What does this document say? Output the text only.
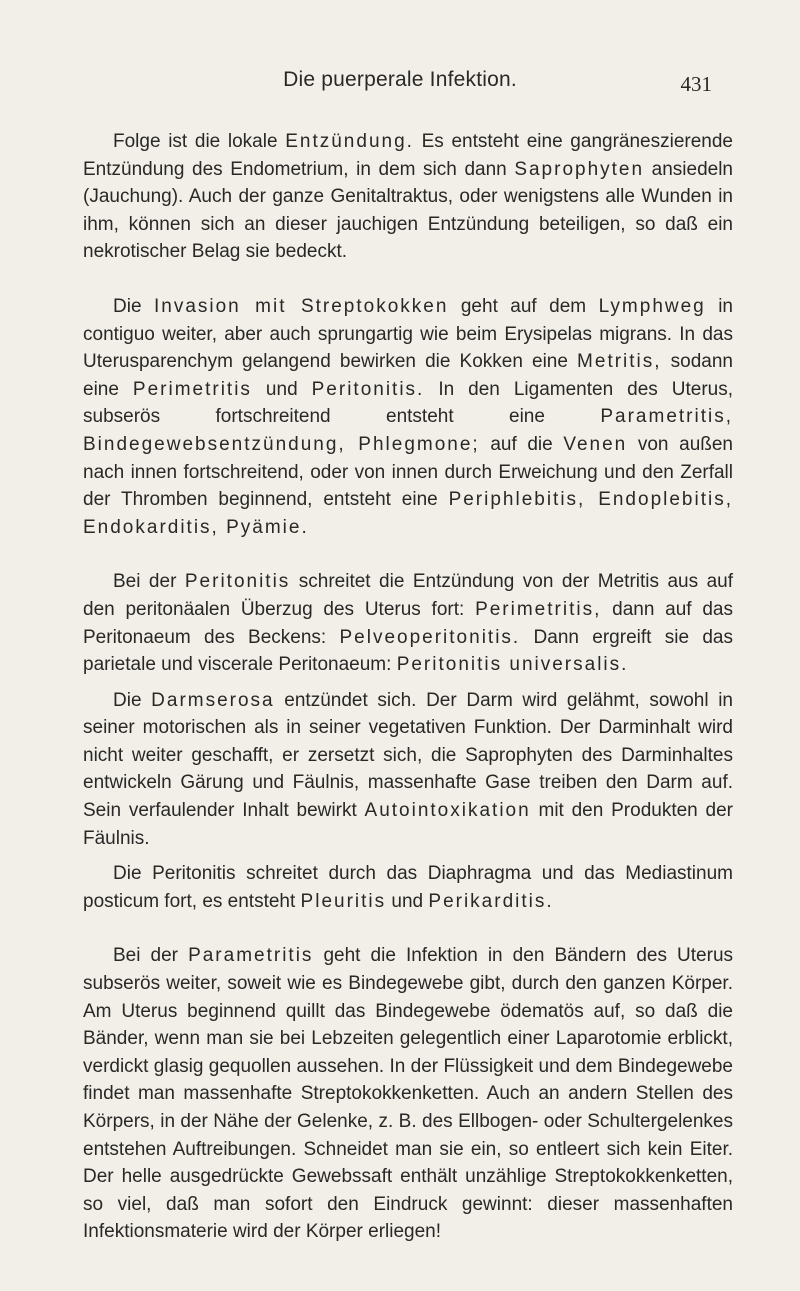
Die puerperale Infektion.	431

Folge ist die lokale Entzündung. Es entsteht eine gangräneszierende Entzündung des Endometrium, in dem sich dann Saprophyten ansiedeln (Jauchung). Auch der ganze Genitaltraktus, oder wenigstens alle Wunden in ihm, können sich an dieser jauchigen Entzündung beteiligen, so daß ein nekrotischer Belag sie bedeckt.

Die Invasion mit Streptokokken geht auf dem Lymphweg in contiguo weiter, aber auch sprungartig wie beim Erysipelas migrans. In das Uterusparenchym gelangend bewirken die Kokken eine Metritis, sodann eine Perimetritis und Peritonitis. In den Ligamenten des Uterus, subserös fortschreitend entsteht eine Parametritis, Bindegewebsentzündung, Phlegmone; auf die Venen von außen nach innen fortschreitend, oder von innen durch Erweichung und den Zerfall der Thromben beginnend, entsteht eine Periphlebitis, Endoplebitis, Endokarditis, Pyämie.

Bei der Peritonitis schreitet die Entzündung von der Metritis aus auf den peritonäalen Überzug des Uterus fort: Perimetritis, dann auf das Peritonaeum des Beckens: Pelveoperitonitis. Dann ergreift sie das parietale und viscerale Peritonaeum: Peritonitis universalis.

Die Darmserosa entzündet sich. Der Darm wird gelähmt, sowohl in seiner motorischen als in seiner vegetativen Funktion. Der Darminhalt wird nicht weiter geschafft, er zersetzt sich, die Saprophyten des Darminhaltes entwickeln Gärung und Fäulnis, massenhafte Gase treiben den Darm auf. Sein verfaulender Inhalt bewirkt Autointoxikation mit den Produkten der Fäulnis.

Die Peritonitis schreitet durch das Diaphragma und das Mediastinum posticum fort, es entsteht Pleuritis und Perikarditis.

Bei der Parametritis geht die Infektion in den Bändern des Uterus subserös weiter, soweit wie es Bindegewebe gibt, durch den ganzen Körper. Am Uterus beginnend quillt das Bindegewebe ödematös auf, so daß die Bänder, wenn man sie bei Lebzeiten gelegentlich einer Laparotomie erblickt, verdickt glasig gequollen aussehen. In der Flüssigkeit und dem Bindegewebe findet man massenhafte Streptokokkenketten. Auch an andern Stellen des Körpers, in der Nähe der Gelenke, z. B. des Ellbogen- oder Schultergelenkes entstehen Auftreibungen. Schneidet man sie ein, so entleert sich kein Eiter. Der helle ausgedrückte Gewebssaft enthält unzählige Streptokokkenketten, so viel, daß man sofort den Eindruck gewinnt: dieser massenhaften Infektionsmaterie wird der Körper erliegen!
